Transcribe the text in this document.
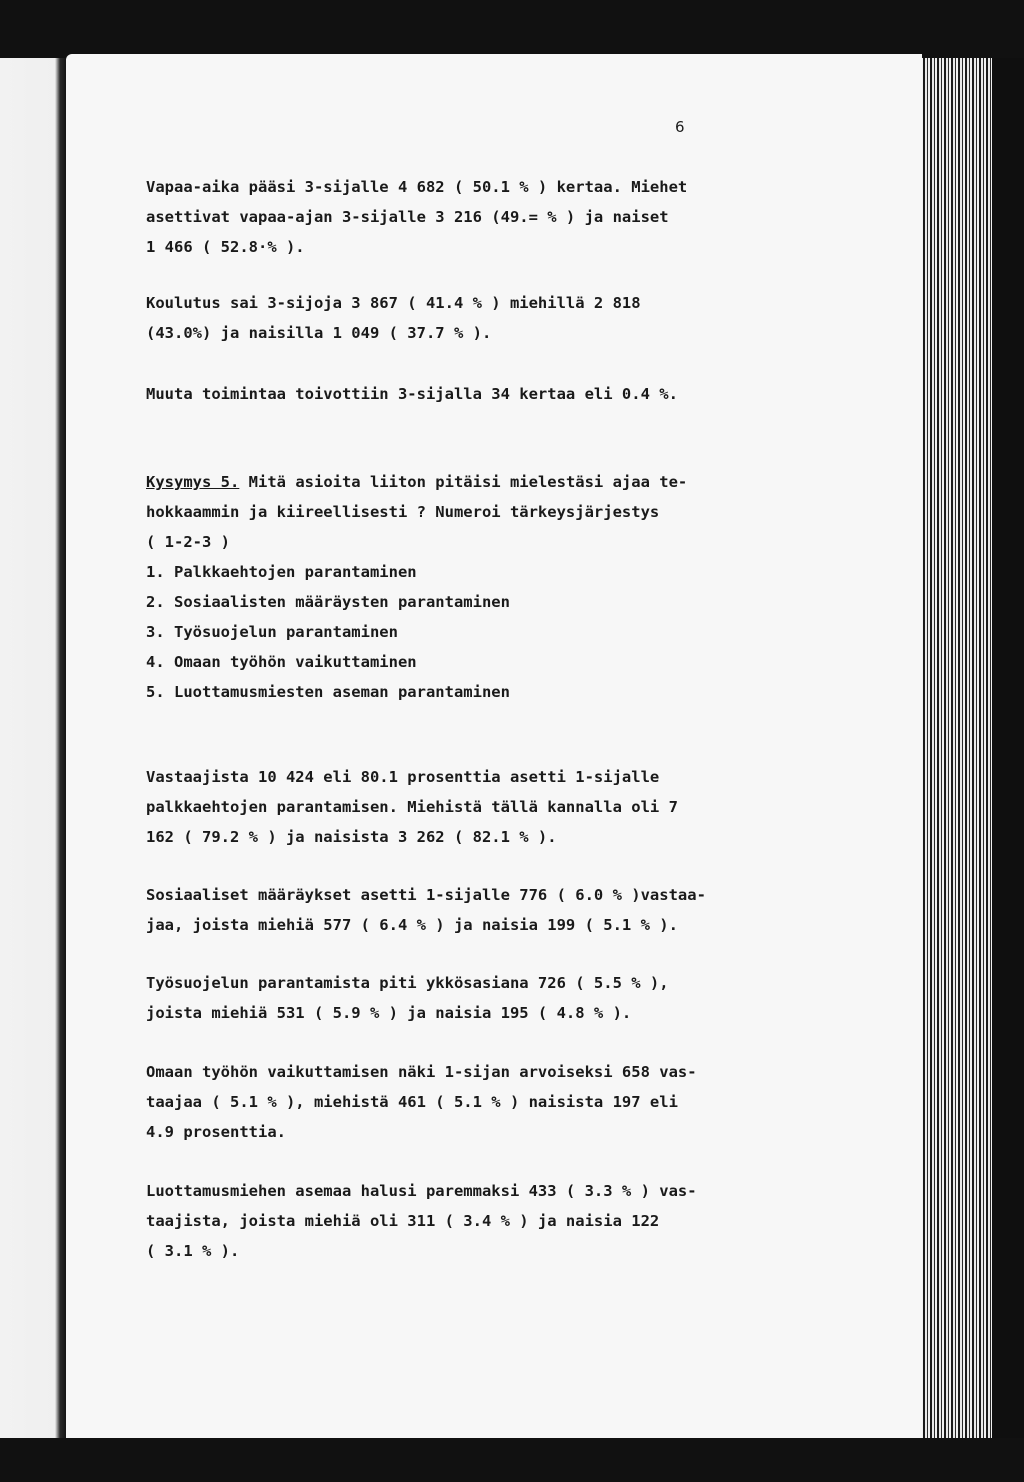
6
Vapaa-aika pääsi 3-sijalle 4 682 ( 50.1 % ) kertaa. Miehet
asettivat vapaa-ajan 3-sijalle 3 216 (49.= % ) ja naiset
1 466 ( 52.8·% ).
Koulutus sai 3-sijoja 3 867 ( 41.4 % ) miehillä 2 818
(43.0%) ja naisilla 1 049 ( 37.7 % ).
Muuta toimintaa toivottiin 3-sijalla 34 kertaa eli 0.4 %.
Kysymys 5. Mitä asioita liiton pitäisi mielestäsi ajaa te-
hokkaammin ja kiireellisesti ? Numeroi tärkeysjärjestys
( 1-2-3 )
1. Palkkaehtojen parantaminen
2. Sosiaalisten määräysten parantaminen
3. Työsuojelun parantaminen
4. Omaan työhön vaikuttaminen
5. Luottamusmiesten aseman parantaminen
Vastaajista 10 424 eli 80.1 prosenttia asetti 1-sijalle
palkkaehtojen parantamisen. Miehistä tällä kannalla oli 7
162 ( 79.2 % ) ja naisista 3 262 ( 82.1 % ).
Sosiaaliset määräykset asetti 1-sijalle 776 ( 6.0 % )vastaa-
jaa, joista miehiä 577 ( 6.4 % ) ja naisia 199 ( 5.1 % ).
Työsuojelun parantamista piti ykkösasiana 726 ( 5.5 % ),
joista miehiä 531 ( 5.9 % ) ja naisia 195 ( 4.8 % ).
Omaan työhön vaikuttamisen näki 1-sijan arvoiseksi 658 vas-
taajaa ( 5.1 % ), miehistä 461 ( 5.1 % ) naisista 197 eli
4.9 prosenttia.
Luottamusmiehen asemaa halusi paremmaksi 433 ( 3.3 % ) vas-
taajista, joista miehiä oli 311 ( 3.4 % ) ja naisia 122
( 3.1 % ).
